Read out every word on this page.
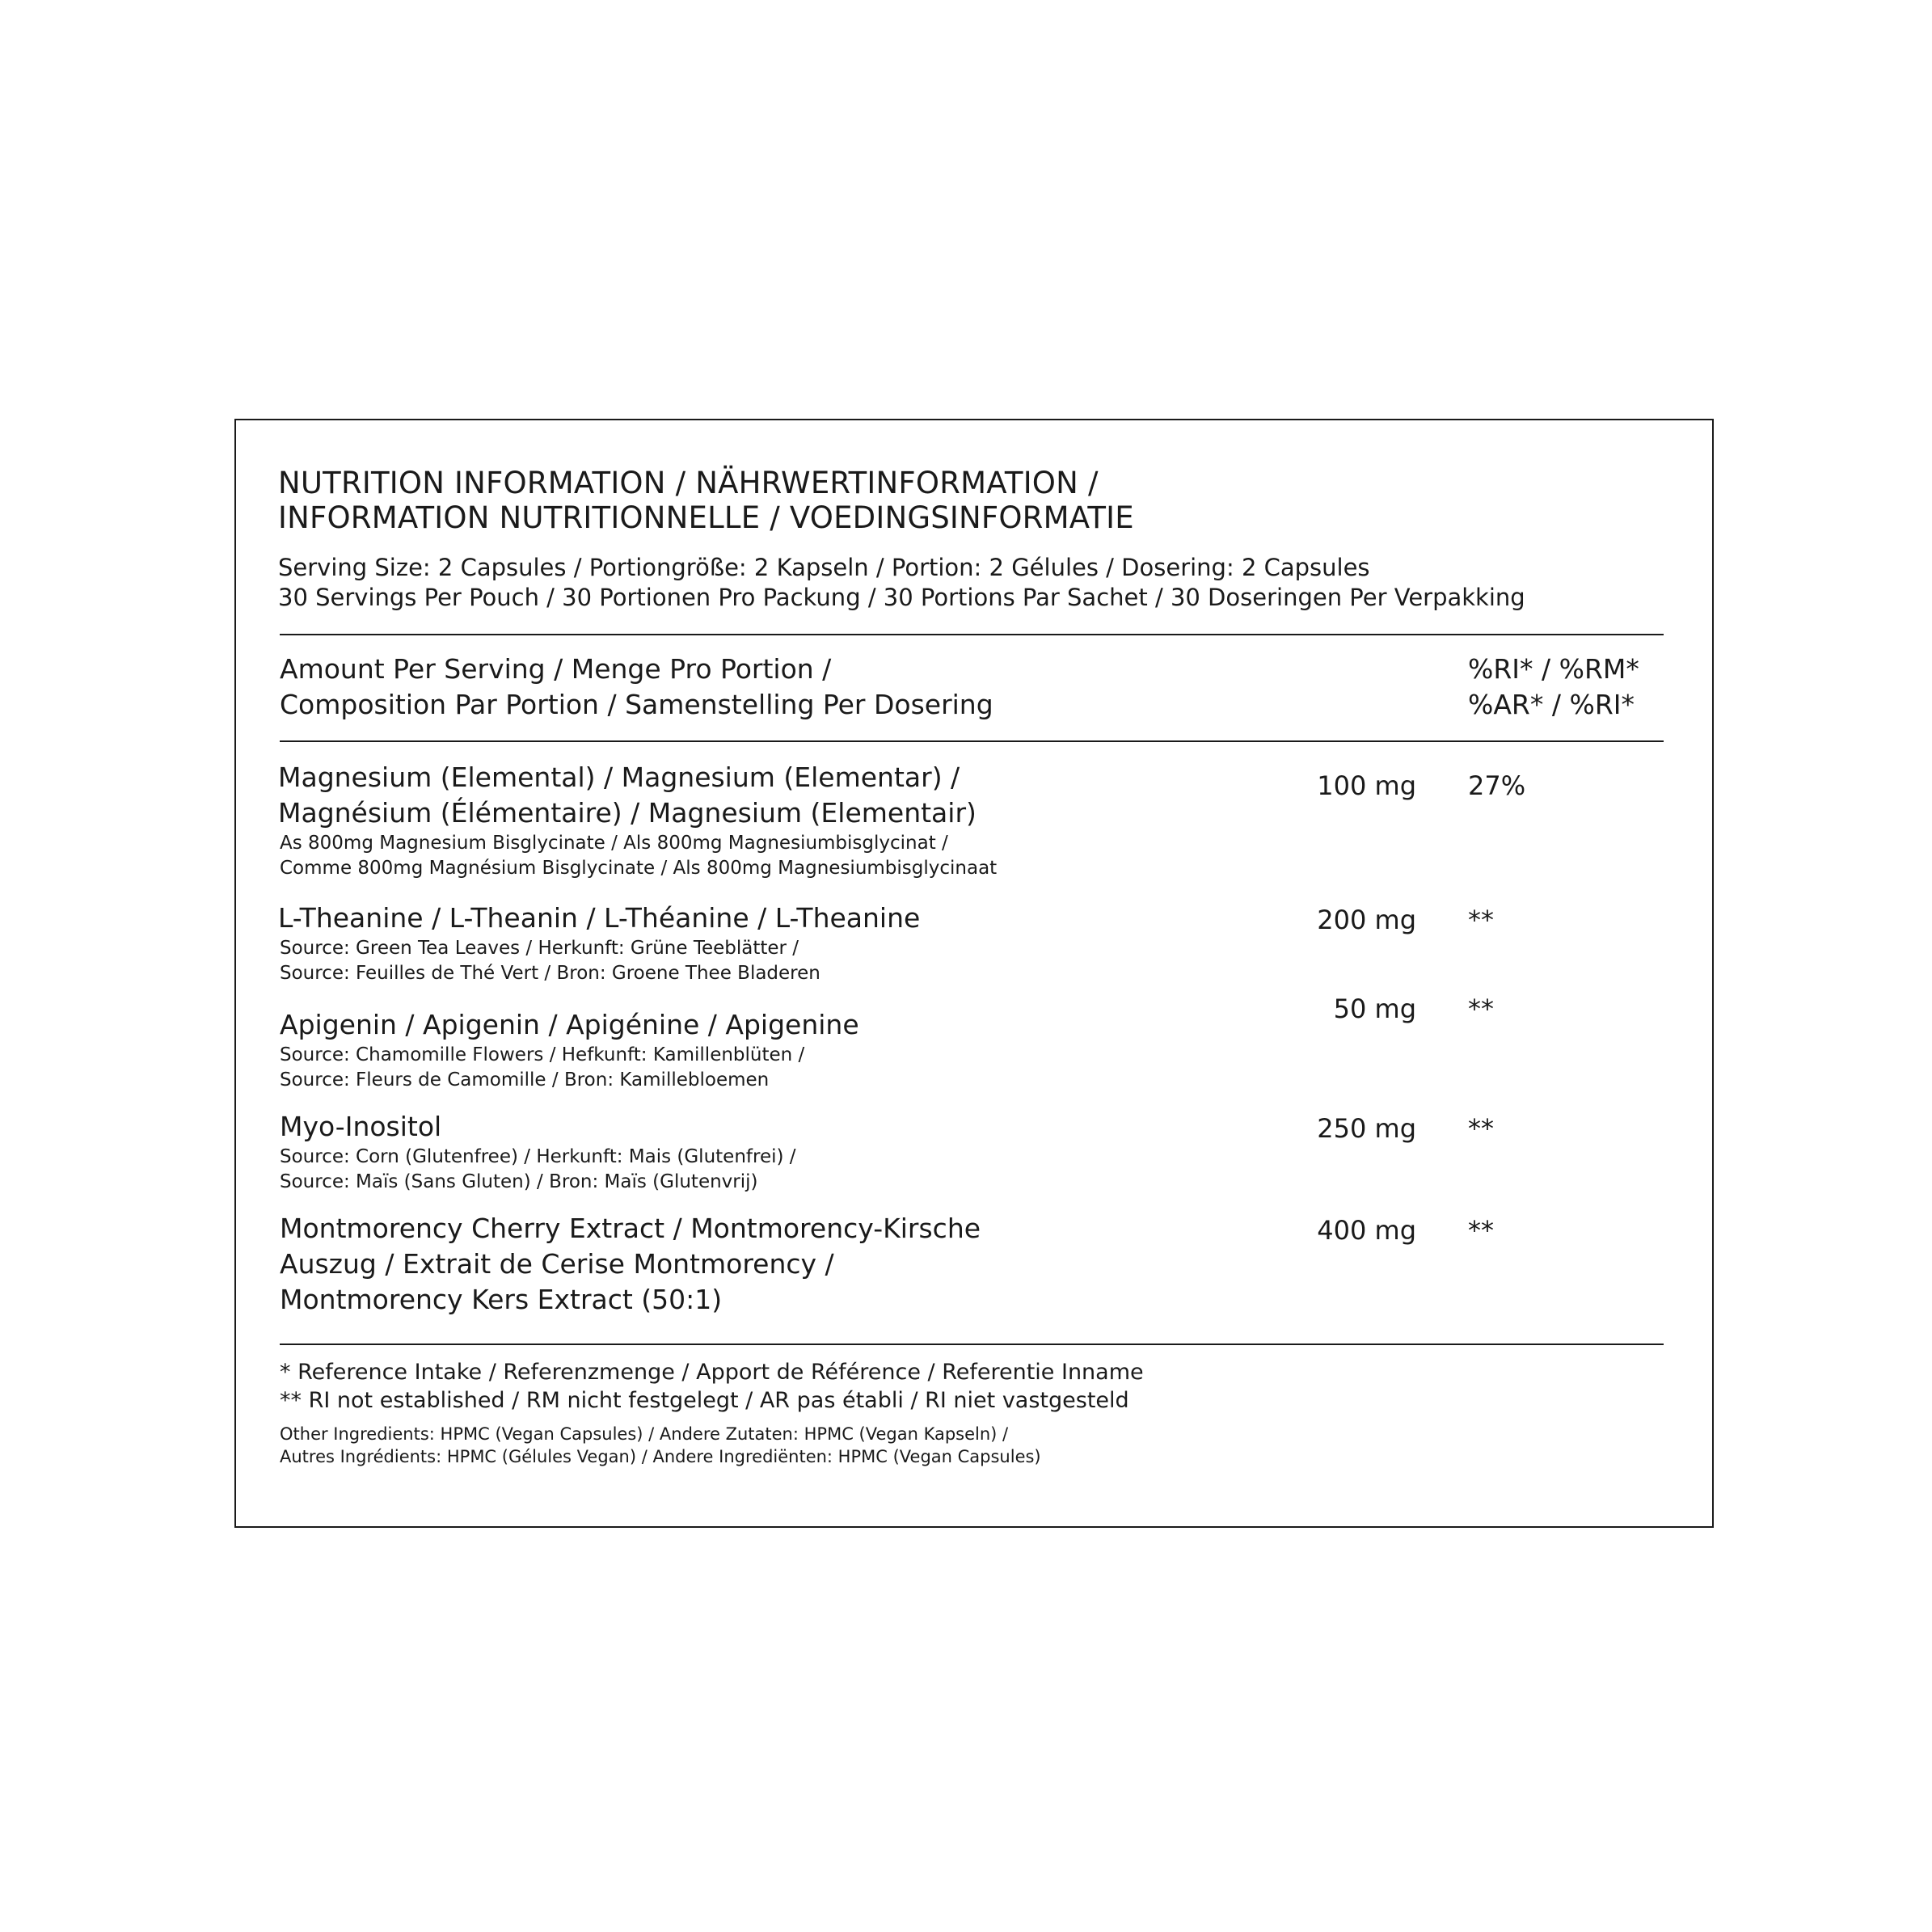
NUTRITION INFORMATION / NÄHRWERTINFORMATION /
INFORMATION NUTRITIONNELLE / VOEDINGSINFORMATIE
Serving Size: 2 Capsules / Portiongröße: 2 Kapseln / Portion: 2 Gélules / Dosering: 2 Capsules
30 Servings Per Pouch / 30 Portionen Pro Packung / 30 Portions Par Sachet / 30 Doseringen Per Verpakking
Amount Per Serving / Menge Pro Portion /
Composition Par Portion / Samenstelling Per Dosering
%RI* / %RM*
%AR* / %RI*
Magnesium (Elemental) / Magnesium (Elementar) /
Magnésium (Élémentaire) / Magnesium (Elementair)
As 800mg Magnesium Bisglycinate / Als 800mg Magnesiumbisglycinat /
Comme 800mg Magnésium Bisglycinate / Als 800mg Magnesiumbisglycinaat
100 mg 27%
L-Theanine / L-Theanin / L-Théanine / L-Theanine
Source: Green Tea Leaves / Herkunft: Grüne Teeblätter /
Source: Feuilles de Thé Vert / Bron: Groene Thee Bladeren
200 mg **
Apigenin / Apigenin / Apigénine / Apigenine
Source: Chamomille Flowers / Hefkunft: Kamillenblüten /
Source: Fleurs de Camomille / Bron: Kamillebloemen
50 mg **
Myo-Inositol
Source: Corn (Glutenfree) / Herkunft: Mais (Glutenfrei) /
Source: Maïs (Sans Gluten) / Bron: Maïs (Glutenvrij)
250 mg **
Montmorency Cherry Extract / Montmorency-Kirsche
Auszug / Extrait de Cerise Montmorency /
Montmorency Kers Extract (50:1)
400 mg **
* Reference Intake / Referenzmenge / Apport de Référence / Referentie Inname
** RI not established / RM nicht festgelegt / AR pas établi / RI niet vastgesteld
Other Ingredients: HPMC (Vegan Capsules) / Andere Zutaten: HPMC (Vegan Kapseln) /
Autres Ingrédients: HPMC (Gélules Vegan) / Andere Ingrediënten: HPMC (Vegan Capsules)
